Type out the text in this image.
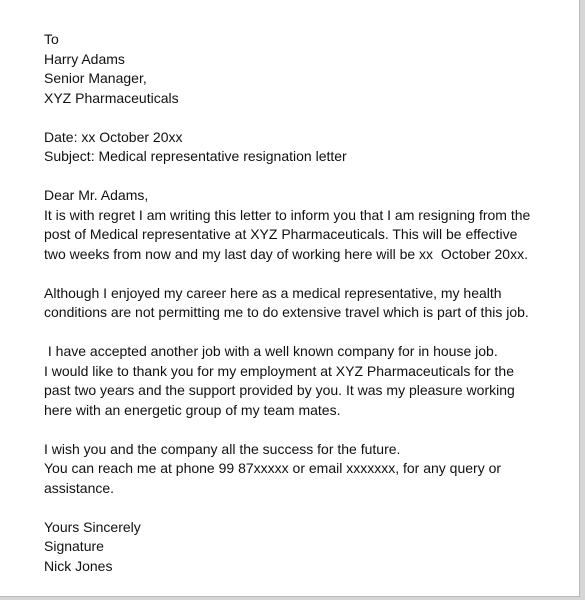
To
Harry Adams
Senior Manager,
XYZ Pharmaceuticals
Date: xx October 20xx
Subject: Medical representative resignation letter
Dear Mr. Adams,
It is with regret I am writing this letter to inform you that I am resigning from the
post of Medical representative at XYZ Pharmaceuticals. This will be effective
two weeks from now and my last day of working here will be xx  October 20xx.
Although I enjoyed my career here as a medical representative, my health
conditions are not permitting me to do extensive travel which is part of this job.
I have accepted another job with a well known company for in house job.
I would like to thank you for my employment at XYZ Pharmaceuticals for the
past two years and the support provided by you. It was my pleasure working
here with an energetic group of my team mates.
I wish you and the company all the success for the future.
You can reach me at phone 99 87xxxxx or email xxxxxxx, for any query or
assistance.
Yours Sincerely
Signature
Nick Jones
